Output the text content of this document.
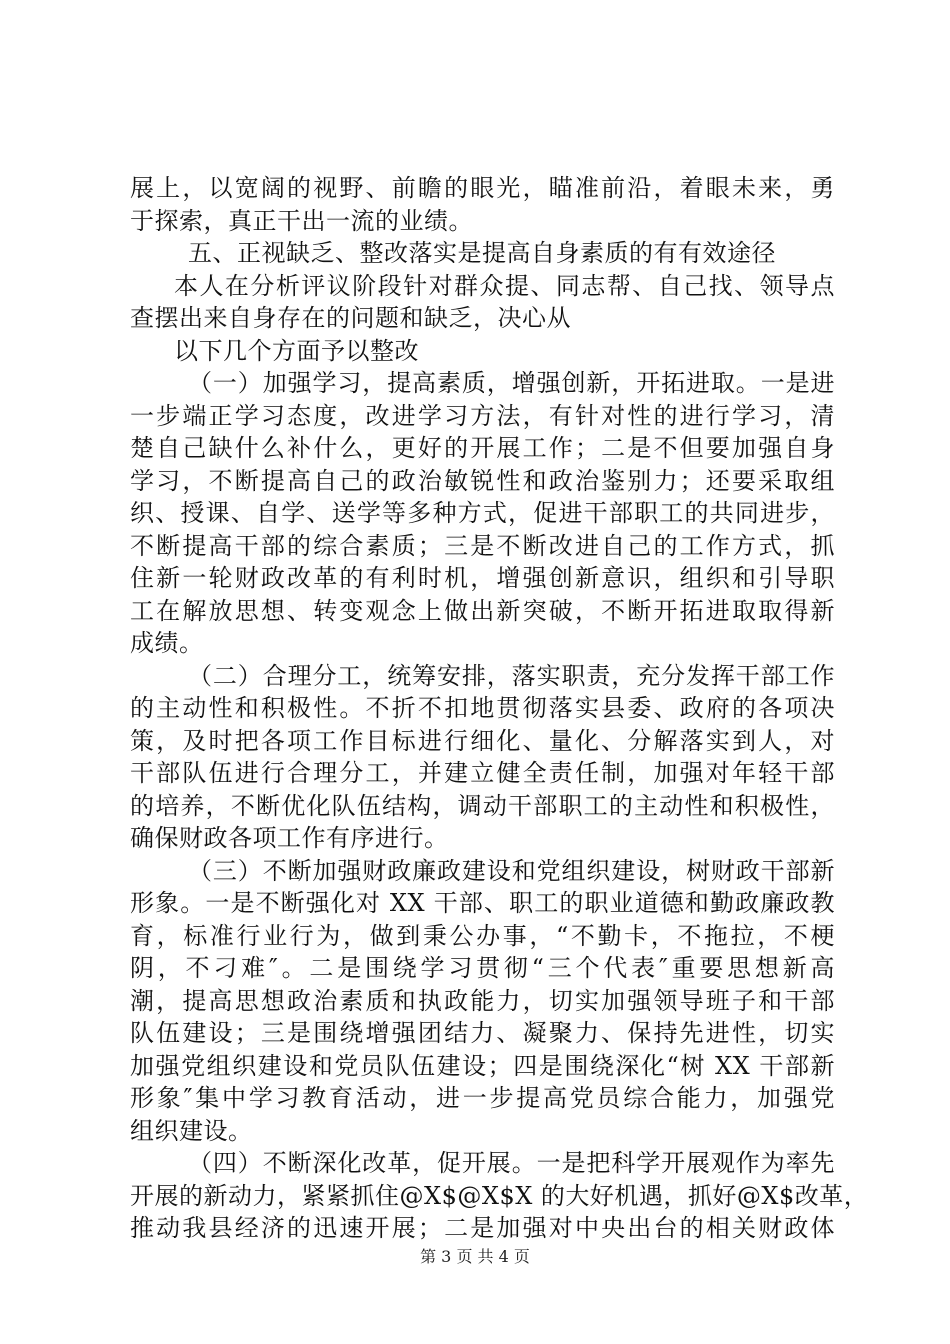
展上，以宽阔的视野、前瞻的眼光，瞄准前沿，着眼未来，勇
于探索，真正干出一流的业绩。
五、正视缺乏、整改落实是提高自身素质的有有效途径
本人在分析评议阶段针对群众提、同志帮、自己找、领导点
查摆出来自身存在的问题和缺乏，决心从
以下几个方面予以整改
（一）加强学习，提高素质，增强创新，开拓进取。一是进
一步端正学习态度，改进学习方法，有针对性的进行学习，清
楚自己缺什么补什么，更好的开展工作；二是不但要加强自身
学习，不断提高自己的政治敏锐性和政治鉴别力；还要采取组
织、授课、自学、送学等多种方式，促进干部职工的共同进步，
不断提高干部的综合素质；三是不断改进自己的工作方式，抓
住新一轮财政改革的有利时机，增强创新意识，组织和引导职
工在解放思想、转变观念上做出新突破，不断开拓进取取得新
成绩。
（二）合理分工，统筹安排，落实职责，充分发挥干部工作
的主动性和积极性。不折不扣地贯彻落实县委、政府的各项决
策，及时把各项工作目标进行细化、量化、分解落实到人，对
干部队伍进行合理分工，并建立健全责任制，加强对年轻干部
的培养，不断优化队伍结构，调动干部职工的主动性和积极性，
确保财政各项工作有序进行。
（三）不断加强财政廉政建设和党组织建设，树财政干部新
形象。一是不断强化对 XX 干部、职工的职业道德和勤政廉政教
育，标准行业行为，做到秉公办事，“不勤卡，不拖拉，不梗
阴，不刁难″。二是围绕学习贯彻“三个代表″重要思想新高
潮，提高思想政治素质和执政能力，切实加强领导班子和干部
队伍建设；三是围绕增强团结力、凝聚力、保持先进性，切实
加强党组织建设和党员队伍建设；四是围绕深化“树 XX 干部新
形象″集中学习教育活动，进一步提高党员综合能力，加强党
组织建设。
（四）不断深化改革，促开展。一是把科学开展观作为率先
开展的新动力，紧紧抓住@X$@X$X 的大好机遇，抓好@X$改革，
推动我县经济的迅速开展；二是加强对中央出台的相关财政体
第 3 页 共 4 页
